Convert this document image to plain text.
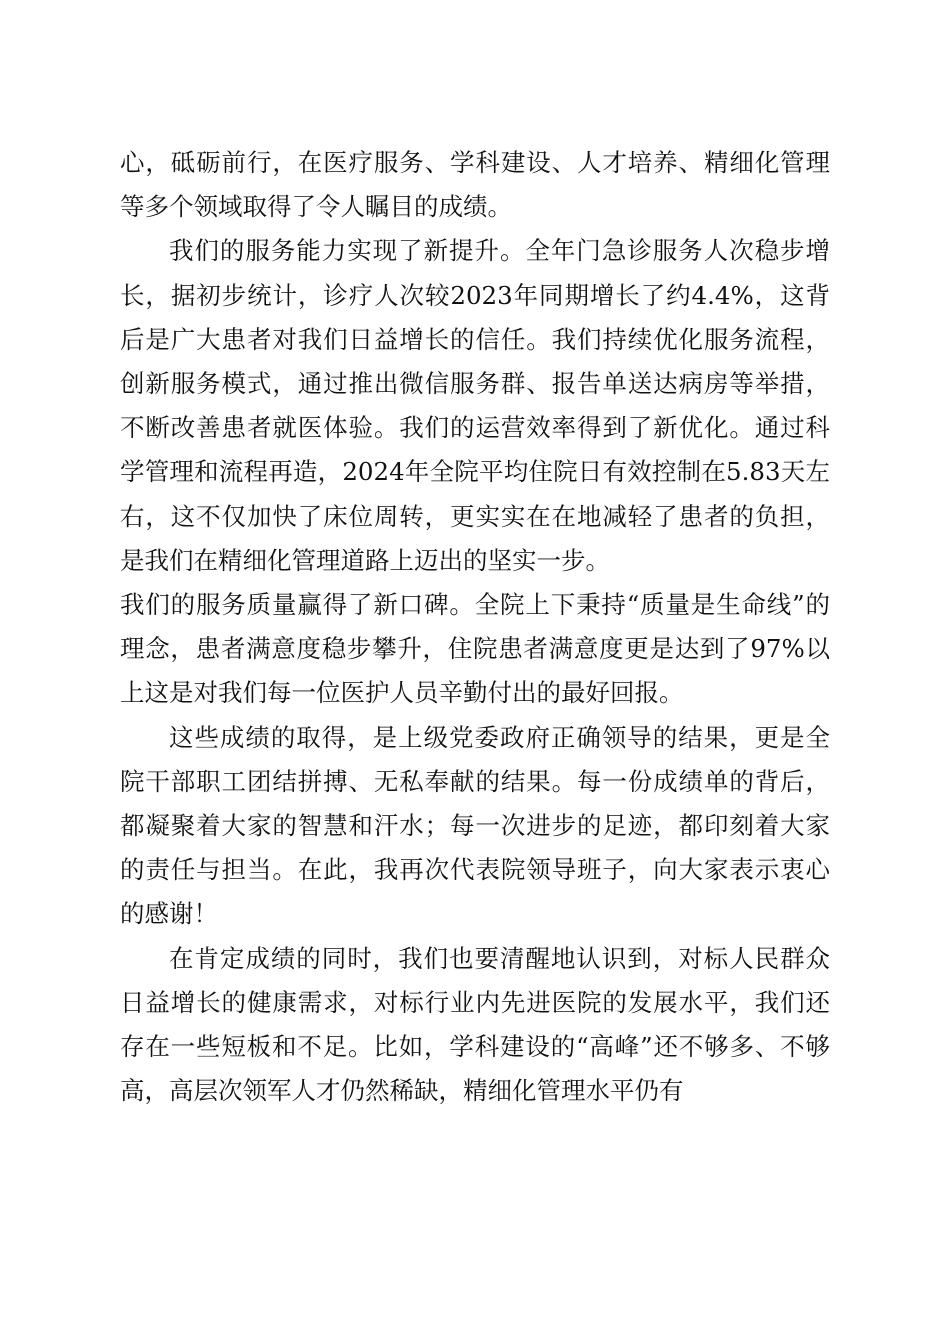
心，砥砺前行，在医疗服务、学科建设、人才培养、精细化管理等多个领域取得了令人瞩目的成绩。

我们的服务能力实现了新提升。全年门急诊服务人次稳步增长，据初步统计，诊疗人次较2023年同期增长了约4.4%，这背后是广大患者对我们日益增长的信任。我们持续优化服务流程，创新服务模式，通过推出微信服务群、报告单送达病房等举措，不断改善患者就医体验。我们的运营效率得到了新优化。通过科学管理和流程再造，2024年全院平均住院日有效控制在5.83天左右，这不仅加快了床位周转，更实实在在地减轻了患者的负担，是我们在精细化管理道路上迈出的坚实一步。

我们的服务质量赢得了新口碑。全院上下秉持“质量是生命线”的理念，患者满意度稳步攀升，住院患者满意度更是达到了97%以上这是对我们每一位医护人员辛勤付出的最好回报。

这些成绩的取得，是上级党委政府正确领导的结果，更是全院干部职工团结拼搏、无私奉献的结果。每一份成绩单的背后，都凝聚着大家的智慧和汗水；每一次进步的足迹，都印刻着大家的责任与担当。在此，我再次代表院领导班子，向大家表示衷心的感谢！

在肯定成绩的同时，我们也要清醒地认识到，对标人民群众日益增长的健康需求，对标行业内先进医院的发展水平，我们还存在一些短板和不足。比如，学科建设的“高峰”还不够多、不够高，高层次领军人才仍然稀缺，精细化管理水平仍有
